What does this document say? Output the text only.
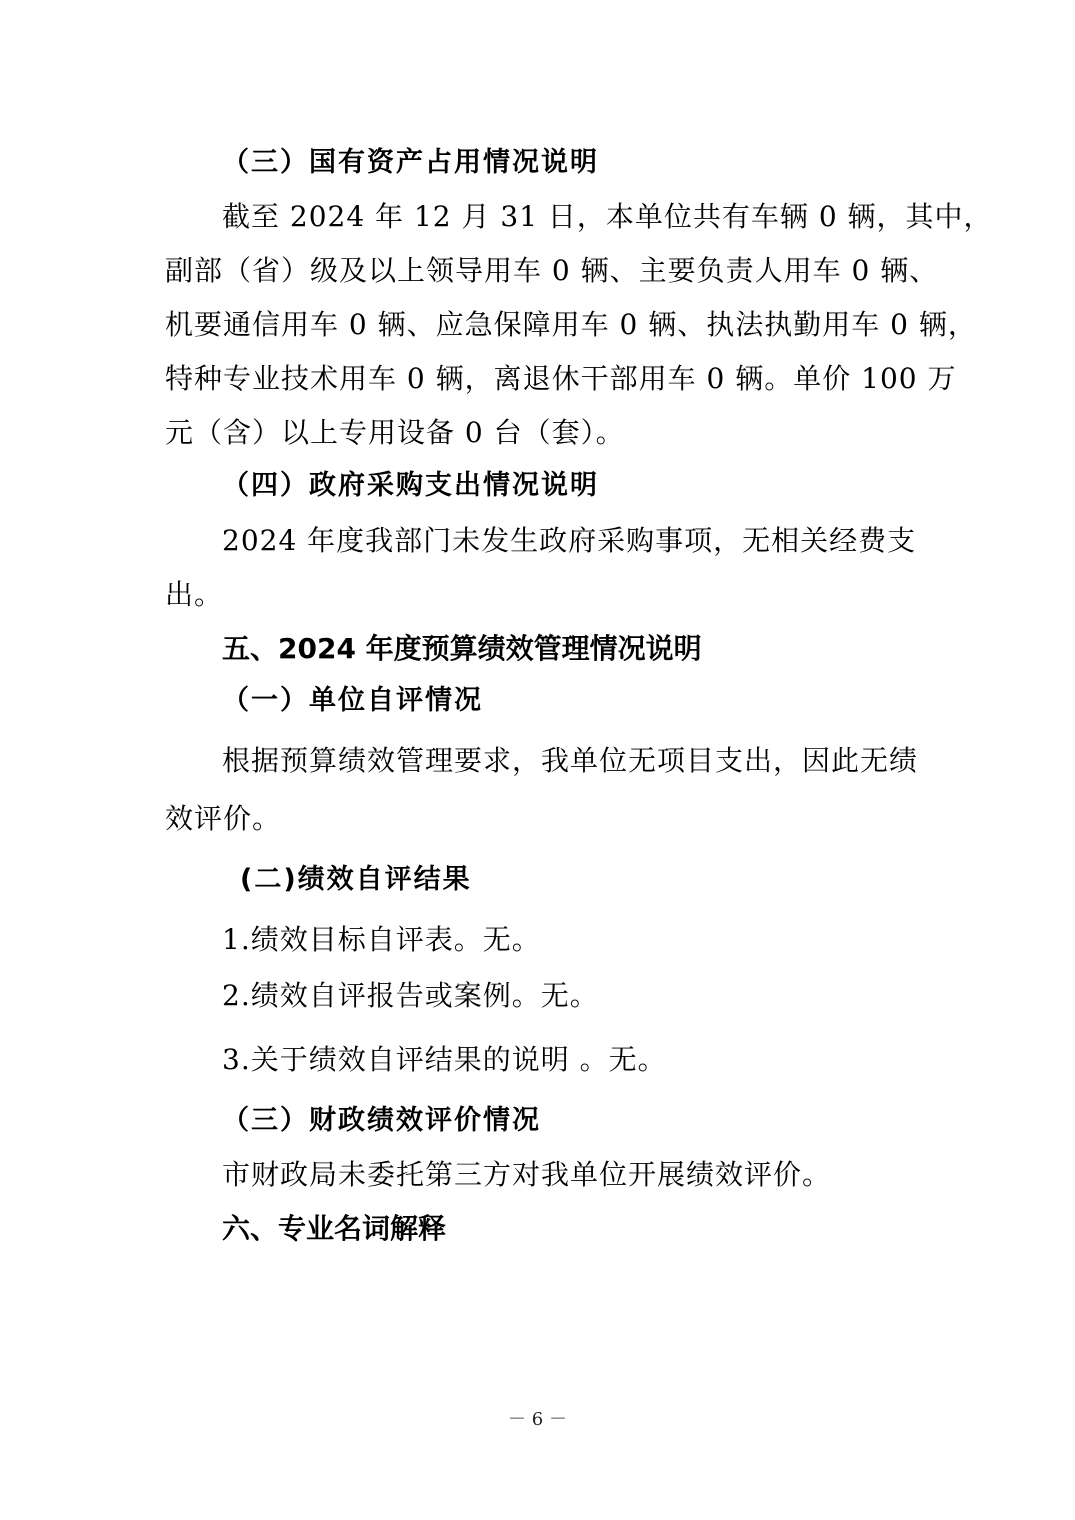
（三）国有资产占用情况说明
截至 2024 年 12 月 31 日，本单位共有车辆 0 辆，其中，
副部（省）级及以上领导用车 0 辆、主要负责人用车 0 辆、
机要通信用车 0 辆、应急保障用车 0 辆、执法执勤用车 0 辆，
特种专业技术用车 0 辆，离退休干部用车 0 辆。单价 100 万
元（含）以上专用设备 0 台（套）。
（四）政府采购支出情况说明
2024 年度我部门未发生政府采购事项，无相关经费支
出。
五、2024 年度预算绩效管理情况说明
（一）单位自评情况
根据预算绩效管理要求，我单位无项目支出，因此无绩
效评价。
(二)绩效自评结果
1.绩效目标自评表。无。
2.绩效自评报告或案例。无。
3.关于绩效自评结果的说明 。无。
（三）财政绩效评价情况
市财政局未委托第三方对我单位开展绩效评价。
六、专业名词解释
－ 6 －
